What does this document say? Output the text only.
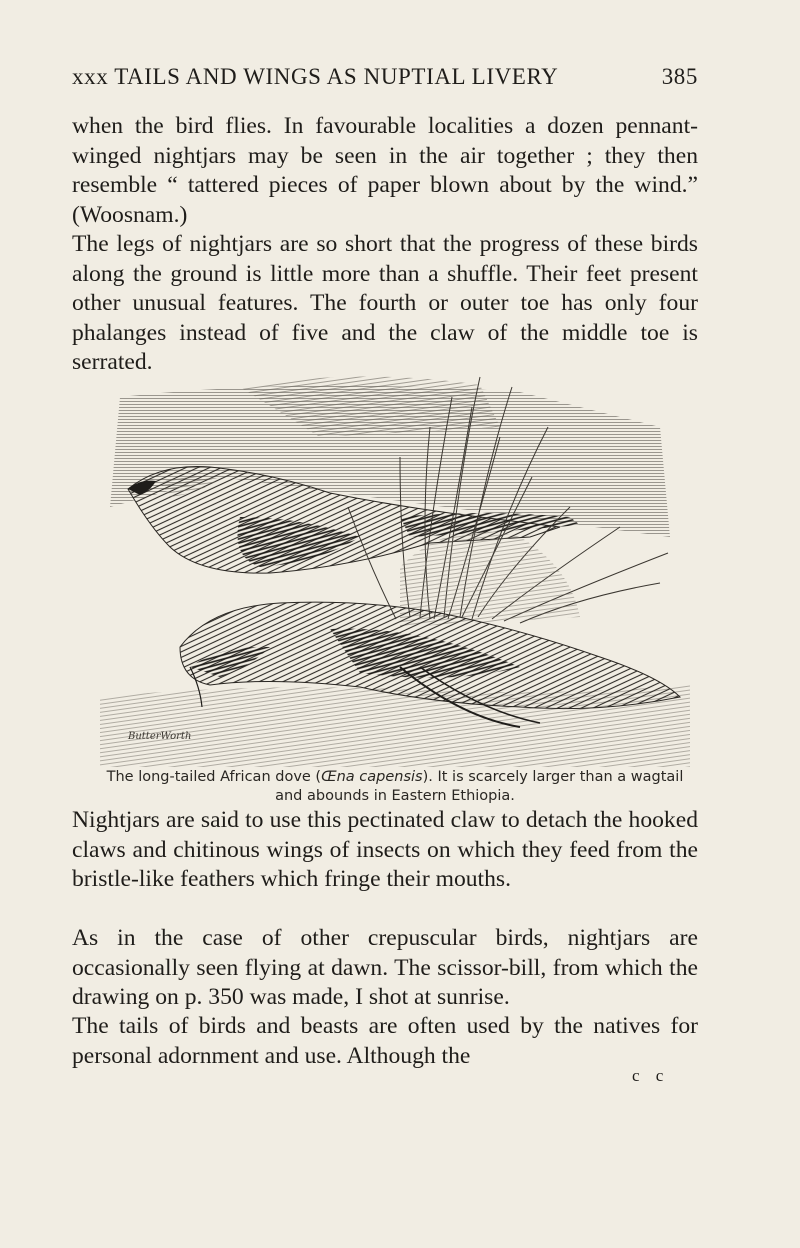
xxx TAILS AND WINGS AS NUPTIAL LIVERY	385

when the bird flies. In favourable localities a dozen pennant-winged nightjars may be seen in the air together ; they then resemble “ tattered pieces of paper blown about by the wind.” (Woosnam.)

The legs of nightjars are so short that the progress of these birds along the ground is little more than a shuffle. Their feet present other unusual features. The fourth or outer toe has only four phalanges instead of five and the claw of the middle toe is serrated.

ButterWorth
The long-tailed African dove (Œna capensis). It is scarcely larger than a wagtail and abounds in Eastern Ethiopia.

Nightjars are said to use this pectinated claw to detach the hooked claws and chitinous wings of insects on which they feed from the bristle-like feathers which fringe their mouths.

As in the case of other crepuscular birds, nightjars are occasionally seen flying at dawn. The scissor-bill, from which the drawing on p. 350 was made, I shot at sunrise.

The tails of birds and beasts are often used by the natives for personal adornment and use. Although the

c c
